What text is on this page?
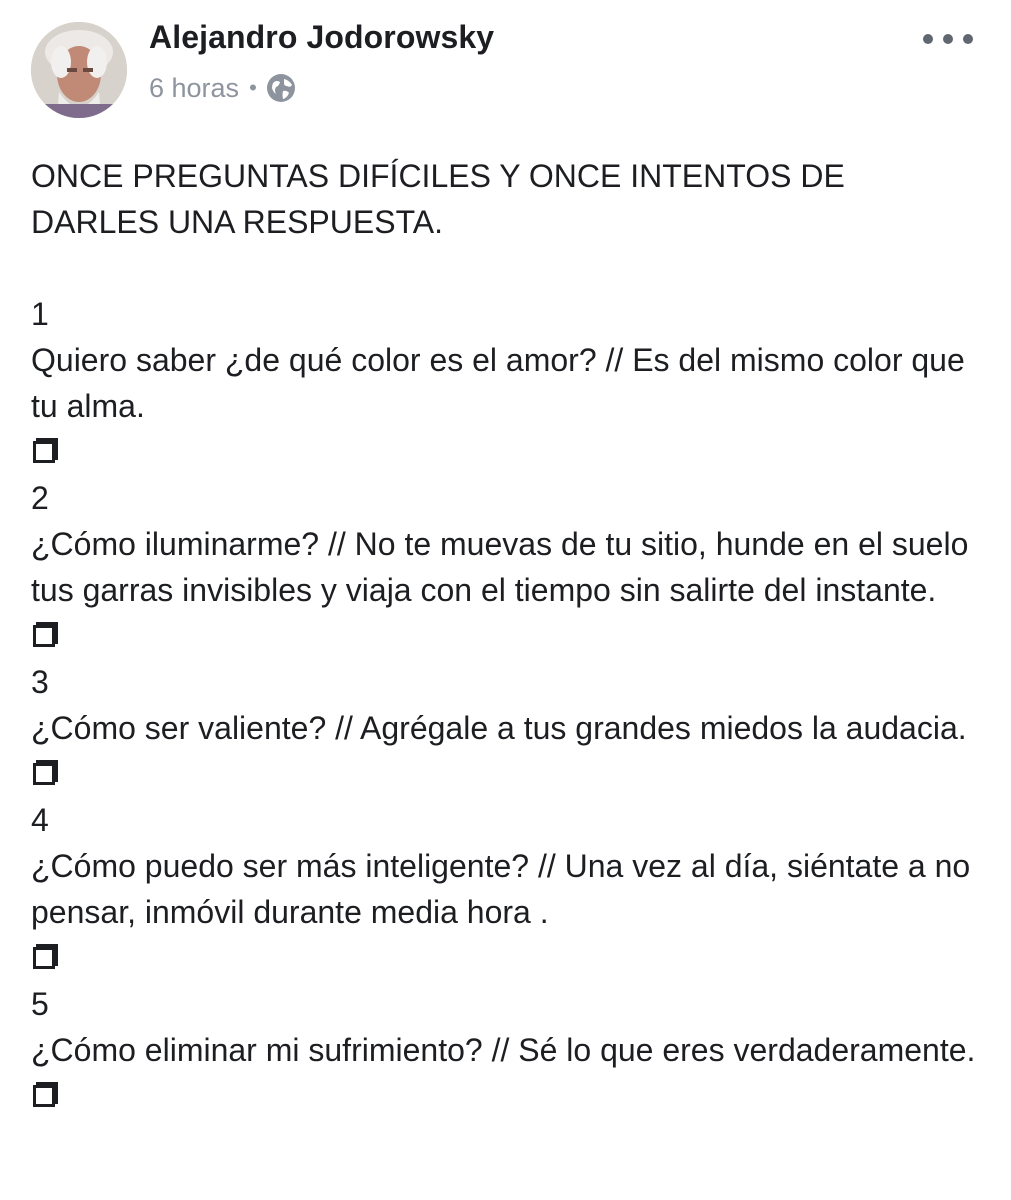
Alejandro Jodorowsky
6 horas •

ONCE PREGUNTAS DIFÍCILES Y ONCE INTENTOS DE DARLES UNA RESPUESTA.

1
Quiero saber ¿de qué color es el amor? // Es del mismo color que tu alma.
2
¿Cómo iluminarme? // No te muevas de tu sitio, hunde en el suelo tus garras invisibles y viaja con el tiempo sin salirte del instante.
3
¿Cómo ser valiente? // Agrégale a tus grandes miedos la audacia.
4
¿Cómo puedo ser más inteligente? // Una vez al día, siéntate a no pensar, inmóvil durante media hora .
5
¿Cómo eliminar mi sufrimiento? // Sé lo que eres verdaderamente.
